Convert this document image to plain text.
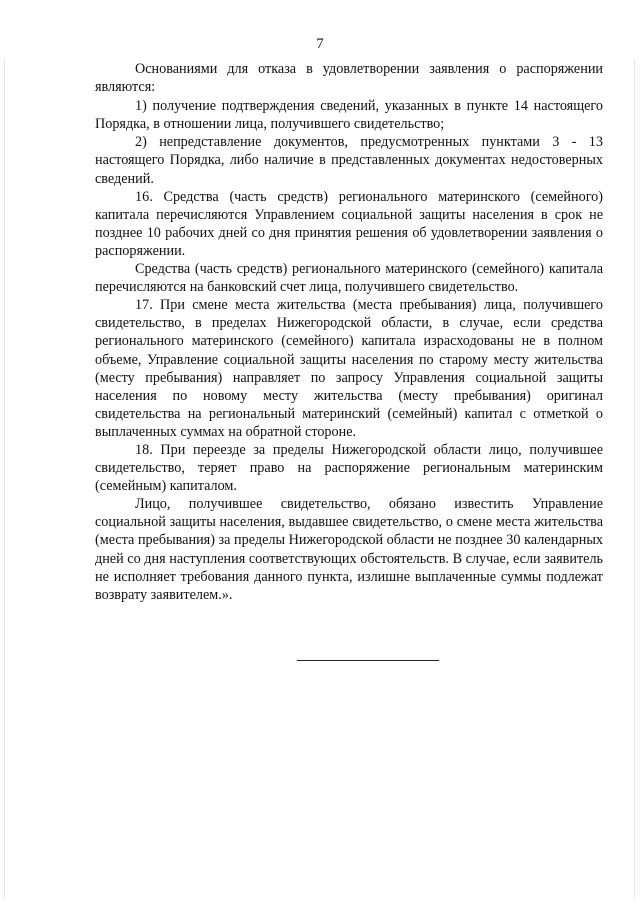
7

Основаниями для отказа в удовлетворении заявления о распоряжении являются:

1) получение подтверждения сведений, указанных в пункте 14 настоящего Порядка, в отношении лица, получившего свидетельство;

2) непредставление документов, предусмотренных пунктами 3 - 13 настоящего Порядка, либо наличие в представленных документах недостоверных сведений.

16. Средства (часть средств) регионального материнского (семейного) капитала перечисляются Управлением социальной защиты населения в срок не позднее 10 рабочих дней со дня принятия решения об удовлетворении заявления о распоряжении.

Средства (часть средств) регионального материнского (семейного) капитала перечисляются на банковский счет лица, получившего свидетельство.

17. При смене места жительства (места пребывания) лица, получившего свидетельство, в пределах Нижегородской области, в случае, если средства регионального материнского (семейного) капитала израсходованы не в полном объеме, Управление социальной защиты населения по старому месту жительства (месту пребывания) направляет по запросу Управления социальной защиты населения по новому месту жительства (месту пребывания) оригинал свидетельства на региональный материнский (семейный) капитал с отметкой о выплаченных суммах на обратной стороне.

18. При переезде за пределы Нижегородской области лицо, получившее свидетельство, теряет право на распоряжение региональным материнским (семейным) капиталом.

Лицо, получившее свидетельство, обязано известить Управление социальной защиты населения, выдавшее свидетельство, о смене места жительства (места пребывания) за пределы Нижегородской области не позднее 30 календарных дней со дня наступления соответствующих обстоятельств. В случае, если заявитель не исполняет требования данного пункта, излишне выплаченные суммы подлежат возврату заявителем.».
